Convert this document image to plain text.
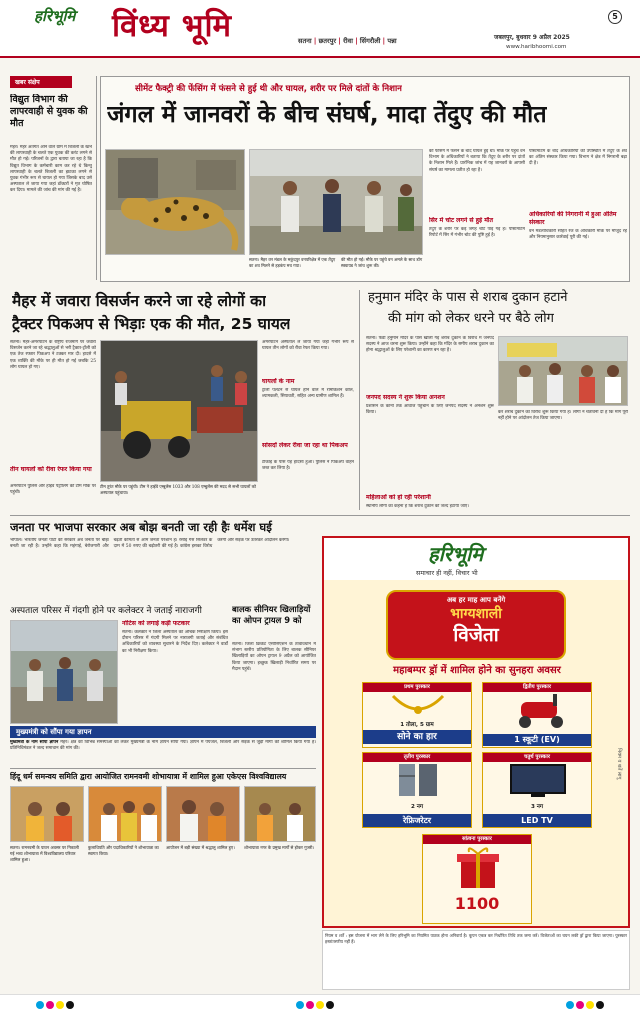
हरिभूमि विंध्य भूमि	सतना | छतरपुर | रीवा | सिंगरौली | पन्ना	जबलपुर, बुधवार 9 अप्रैल 2025
www.haribhoomi.com
5
खबर संक्षेप
विद्युत विभाग की लापरवाही से युवक की मौत
मैहर। मैहर अंतर्गत आने वाले ग्राम में बिजली के खंभे की लापरवाही के चलते एक युवक की करंट लगने से मौत हो गई। परिजनों के द्वारा बताया जा रहा है कि विद्युत विभाग के कर्मचारी काम कर रहे थे किन्तु लापरवाही के चलते बिजली का झटका लगने से युवक गंभीर रूप से घायल हो गया जिसके बाद उसे अस्पताल ले जाया गया जहां डॉक्टरों ने मृत घोषित कर दिया। मामले की जांच की मांग की गई है।
सीमेंट फैक्ट्री की फेंसिंग में फंसने से हुई थी और घायल, शरीर पर मिले दांतों के निशान
जंगल में जानवरों के बीच संघर्ष, मादा तेंदुए की मौत
सतना। मैहर वन मंडल के मकुंदपुर वनपरिक्षेत्र में एक तेंदुए का शव मिलने से हड़कंप मच गया।
की मौत हो गई। मौके पर पहुंचे वन अमले के साथ डॉग स्क्वायड ने जांच शुरू की।
की फेंसिंग में फंसने के बाद घायल हुई थी। मौके पर पहुंचे वन विभाग के अधिकारियों ने बताया कि तेंदुए के शरीर पर दांतों के निशान मिले हैं। प्रारंभिक जांच में यह जानवरों के आपसी संघर्ष का मामला प्रतीत हो रहा है।
सिर में चोट लगने से हुई मौत
तेंदुए के शरीर पर कई जगह चोटें पाई गई हैं। पोस्टमार्टम रिपोर्ट में सिर में गंभीर चोट की पुष्टि हुई है।
पोस्टमार्टम के बाद अधिकारियों की उपस्थिति में तेंदुए के शव का अंतिम संस्कार किया गया। विभाग ने क्षेत्र में निगरानी बढ़ा दी है।
अधिकारियों की निगरानी में हुआ अंतिम संस्कार
वन मंडलाधिकारी सहित रेंज के अधिकारी मौके पर मौजूद रहे और नियमानुसार कार्रवाई पूरी की गई।
मैहर में जवारा विसर्जन करने जा रहे लोगों का
ट्रैक्टर पिकअप से भिड़ाः एक की मौत, 25 घायल
सतना। मैहर-अमरपाटन के राष्ट्रीय राजमार्ग पर जवारा विसर्जन करने जा रहे श्रद्धालुओं से भरी ट्रैक्टर-ट्रॉली को एक तेज रफ्तार पिकअप ने टक्कर मार दी। हादसे में एक व्यक्ति की मौके पर ही मौत हो गई जबकि 25 लोग घायल हो गए।
तीन घायलों को रीवा रेफर किया गया
अमरपाटन पुलिस और हाईवे पेट्रोलिंग की टीम मौके पर पहुंची।
टीम तुरंत मौके पर पहुंची। टीम ने हाईवे एम्बुलेंस 1033 और 108 एम्बुलेंस की मदद से सभी घायलों को अस्पताल पहुंचाया।
अमरपाटन अस्पताल ले जाया गया जहां गंभीर रूप से घायल तीन लोगों को रीवा रेफर किया गया।
घायलों के नाम
ट्राली पलटने से घायल होने वाले में रामकिशन कोल, श्यामकली, सियावती, सहित अन्य ग्रामीण शामिल हैं।
सांसदों लेकर रीवा जा रहा था पिकअप
टीकाई के पास यह हादसा हुआ। पुलिस ने पिकअप वाहन जब्त कर लिया है।
हनुमान मंदिर के पास से शराब दुकान हटाने
की मांग को लेकर धरने पर बैठे लोग
सतना। फेडी हनुमान मंदिर के पास खोली गई शराब दुकान के विरोध में जनपद सदस्य ने आज धरना शुरू किया। उन्होंने कहा कि मंदिर के समीप शराब दुकान का होना श्रद्धालुओं के लिए परेशानी का कारण बन रहा है।
जनपद सदस्य ने शुरू किया अनशन
प्रशासन के कानों तक आवाज पहुंचाने के लिए जनपद सदस्य ने अनशन शुरू किया।
महिलाओं को हो रही परेशानी
स्थानीय लोगों का कहना है कि शराब दुकान को जल्द हटाया जाए।
कर शराब दुकान का विरोध शुरू किया गया है। लोगों ने चेतावनी दी है कि मांग पूरी नहीं होने पर आंदोलन तेज किया जाएगा।
जनता पर भाजपा सरकार अब बोझ बनती जा रही हैः धर्मेश घई
भोपाल। भारतीय जनता पार्टी की सरकार अब जनता पर बोझ बनती जा रही है। उन्होंने कहा कि महंगाई, बेरोजगारी और बढ़ती कीमतों से आम जनता परेशान है। रसोई गैस सिलेंडर के दाम में 50 रुपए की बढ़ोतरी की गई है। कांग्रेस इसका विरोध करेगी और सड़क पर उतरकर आंदोलन करेगी।
अस्पताल परिसर में गंदगी होने पर कलेक्टर ने जताई नाराजगी
नोटिस को लगाई कड़ी फटकार
सतना। कलेक्टर ने जिला अस्पताल का औचक निरीक्षण किया। इस दौरान परिसर में गंदगी मिलने पर नाराजगी जताई और संबंधित अधिकारियों को व्यवस्था सुधारने के निर्देश दिए। कलेक्टर ने वार्डों का भी निरीक्षण किया।
बालक सीनियर खिलाड़ियों का ओपन ट्रायल 9 को
सतना। जिला क्रिकेट एसोसिएशन के तत्वावधान में संभाग स्तरीय प्रतियोगिता के लिए बालक सीनियर खिलाड़ियों का ओपन ट्रायल 9 अप्रैल को आयोजित किया जाएगा। इच्छुक खिलाड़ी निर्धारित समय पर मैदान पहुंचें।
मुख्यमंत्री को सौंपा गया ज्ञापन
मुख्यमंत्री के नाम सौंपा ज्ञापन मैहर। क्षेत्र की विभिन्न समस्याओं को लेकर मुख्यमंत्री के नाम ज्ञापन सौंपा गया। ज्ञापन में पेयजल, बिजली और सड़क से जुड़ी मांगों को शामिल किया गया है। प्रतिनिधिमंडल ने जल्द समाधान की मांग की।
हिंदू धर्म समन्वय समिति द्वारा आयोजित रामनवमी शोभायात्रा में शामिल हुआ एकेएस विश्वविद्यालय
सतना। रामनवमी के पावन अवसर पर निकाली गई भव्य शोभायात्रा में विश्वविद्यालय परिवार शामिल हुआ।
कुलाधिपति और पदाधिकारियों ने शोभायात्रा का स्वागत किया।
आयोजन में बड़ी संख्या में श्रद्धालु शामिल हुए।	शोभायात्रा नगर के प्रमुख मार्गों से होकर गुजरी।
हरिभूमि
समाचार ही नहीं, विचार भी
अब हर माह आप बनेंगे
भाग्यशाली
विजेता
महाबम्पर ड्रॉ में शामिल होने का सुनहरा अवसर
प्रथम पुरस्कार
1 तोला, 5 ग्राम
सोने का हार
द्वितीय पुरस्कार
1 स्कूटी (EV)
तृतीय पुरस्कार
2 नग
रेफ्रिजरेटर
चतुर्थ पुरस्कार
3 नग
LED TV
सांत्वना पुरस्कार
1100
नियम व शर्तें लागू
नियम व शर्तें : इस योजना में भाग लेने के लिए हरिभूमि का नियमित पाठक होना अनिवार्य है। कूपन एकत्र कर निर्धारित तिथि तक जमा करें। विजेताओं का चयन लकी ड्रॉ द्वारा किया जाएगा। पुरस्कार हस्तांतरणीय नहीं हैं।
